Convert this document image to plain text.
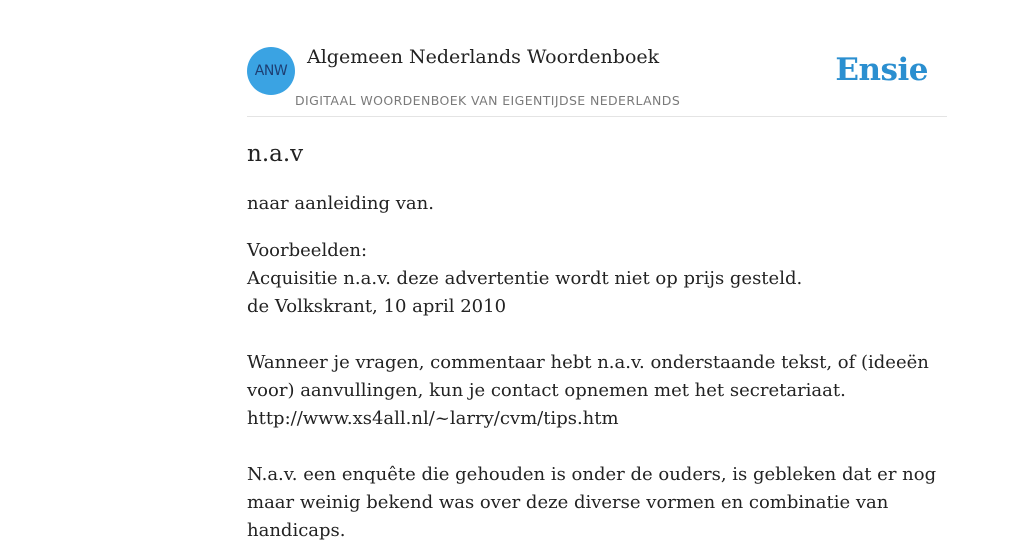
ANW
Algemeen Nederlands Woordenboek
DIGITAAL WOORDENBOEK VAN EIGENTIJDSE NEDERLANDS
Ensie
n.a.v

naar aanleiding van.

Voorbeelden:
Acquisitie n.a.v. deze advertentie wordt niet op prijs gesteld.
de Volkskrant, 10 april 2010
Wanneer je vragen, commentaar hebt n.a.v. onderstaande tekst, of (ideeën voor) aanvullingen, kun je contact opnemen met het secretariaat.
http://www.xs4all.nl/~larry/cvm/tips.htm
N.a.v. een enquête die gehouden is onder de ouders, is gebleken dat er nog maar weinig bekend was over deze diverse vormen en combinatie van handicaps.
